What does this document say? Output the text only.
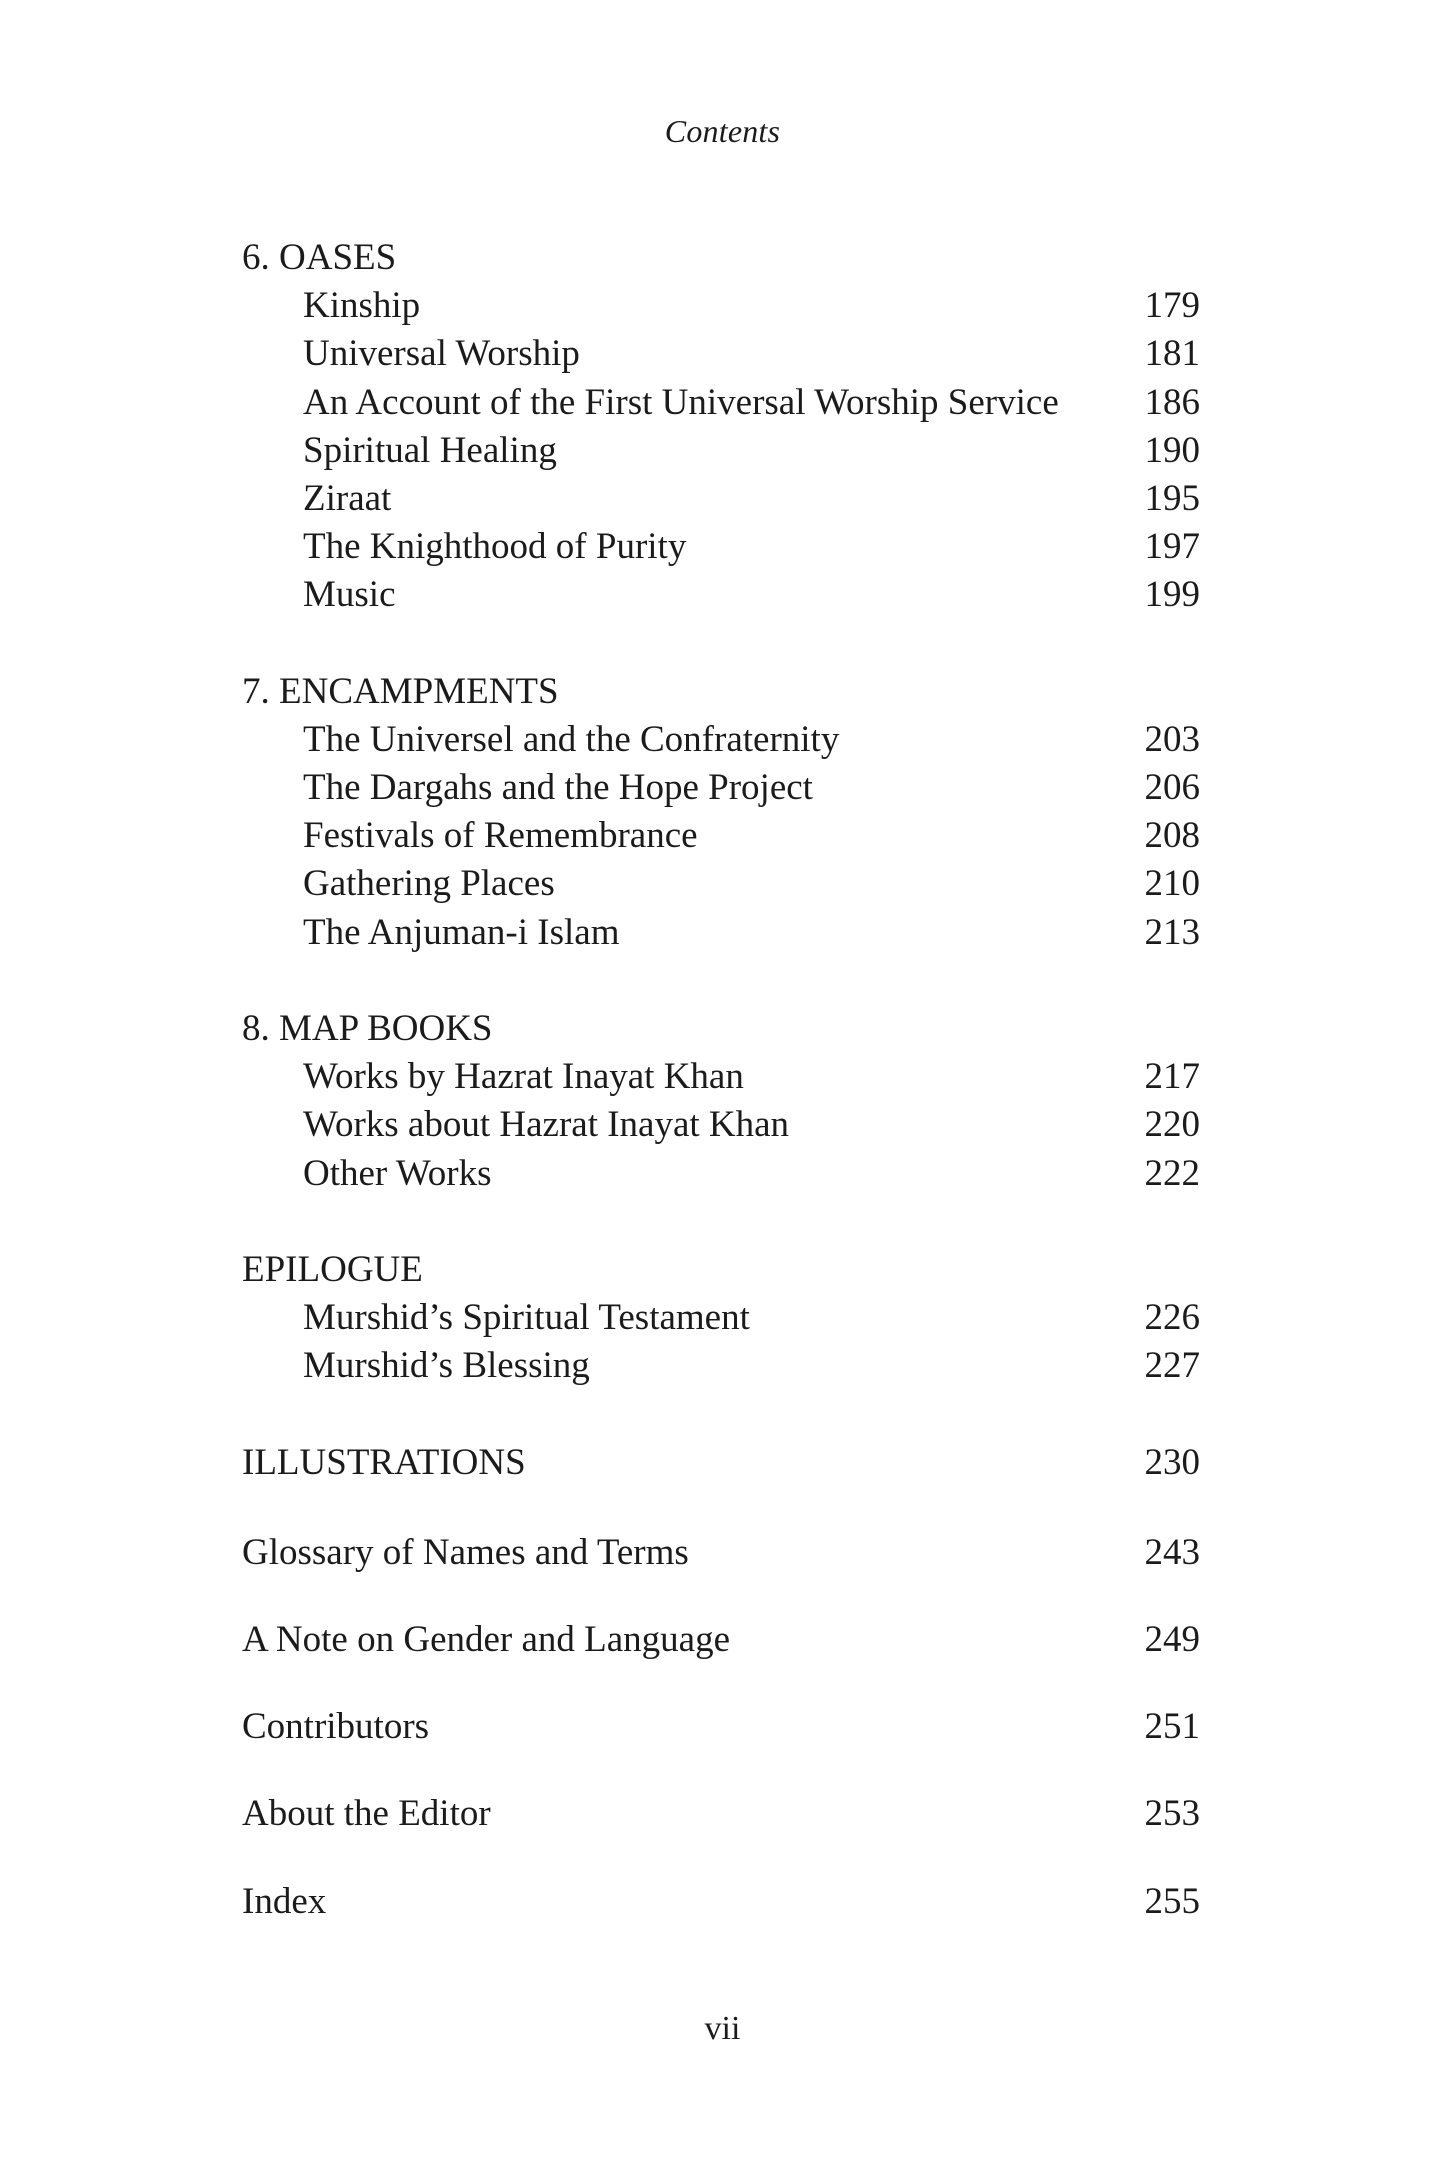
Contents
6. OASES
Kinship	179
Universal Worship	181
An Account of the First Universal Worship Service 186
Spiritual Healing	190
Ziraat	195
The Knighthood of Purity	197
Music	199
7. ENCAMPMENTS
The Universel and the Confraternity	203
The Dargahs and the Hope Project	206
Festivals of Remembrance	208
Gathering Places	210
The Anjuman-i Islam	213
8. MAP BOOKS
Works by Hazrat Inayat Khan	217
Works about Hazrat Inayat Khan	220
Other Works	222
EPILOGUE
Murshid’s Spiritual Testament	226
Murshid’s Blessing	227
ILLUSTRATIONS	230
Glossary of Names and Terms	243
A Note on Gender and Language	249
Contributors	251
About the Editor	253
Index	255
vii
